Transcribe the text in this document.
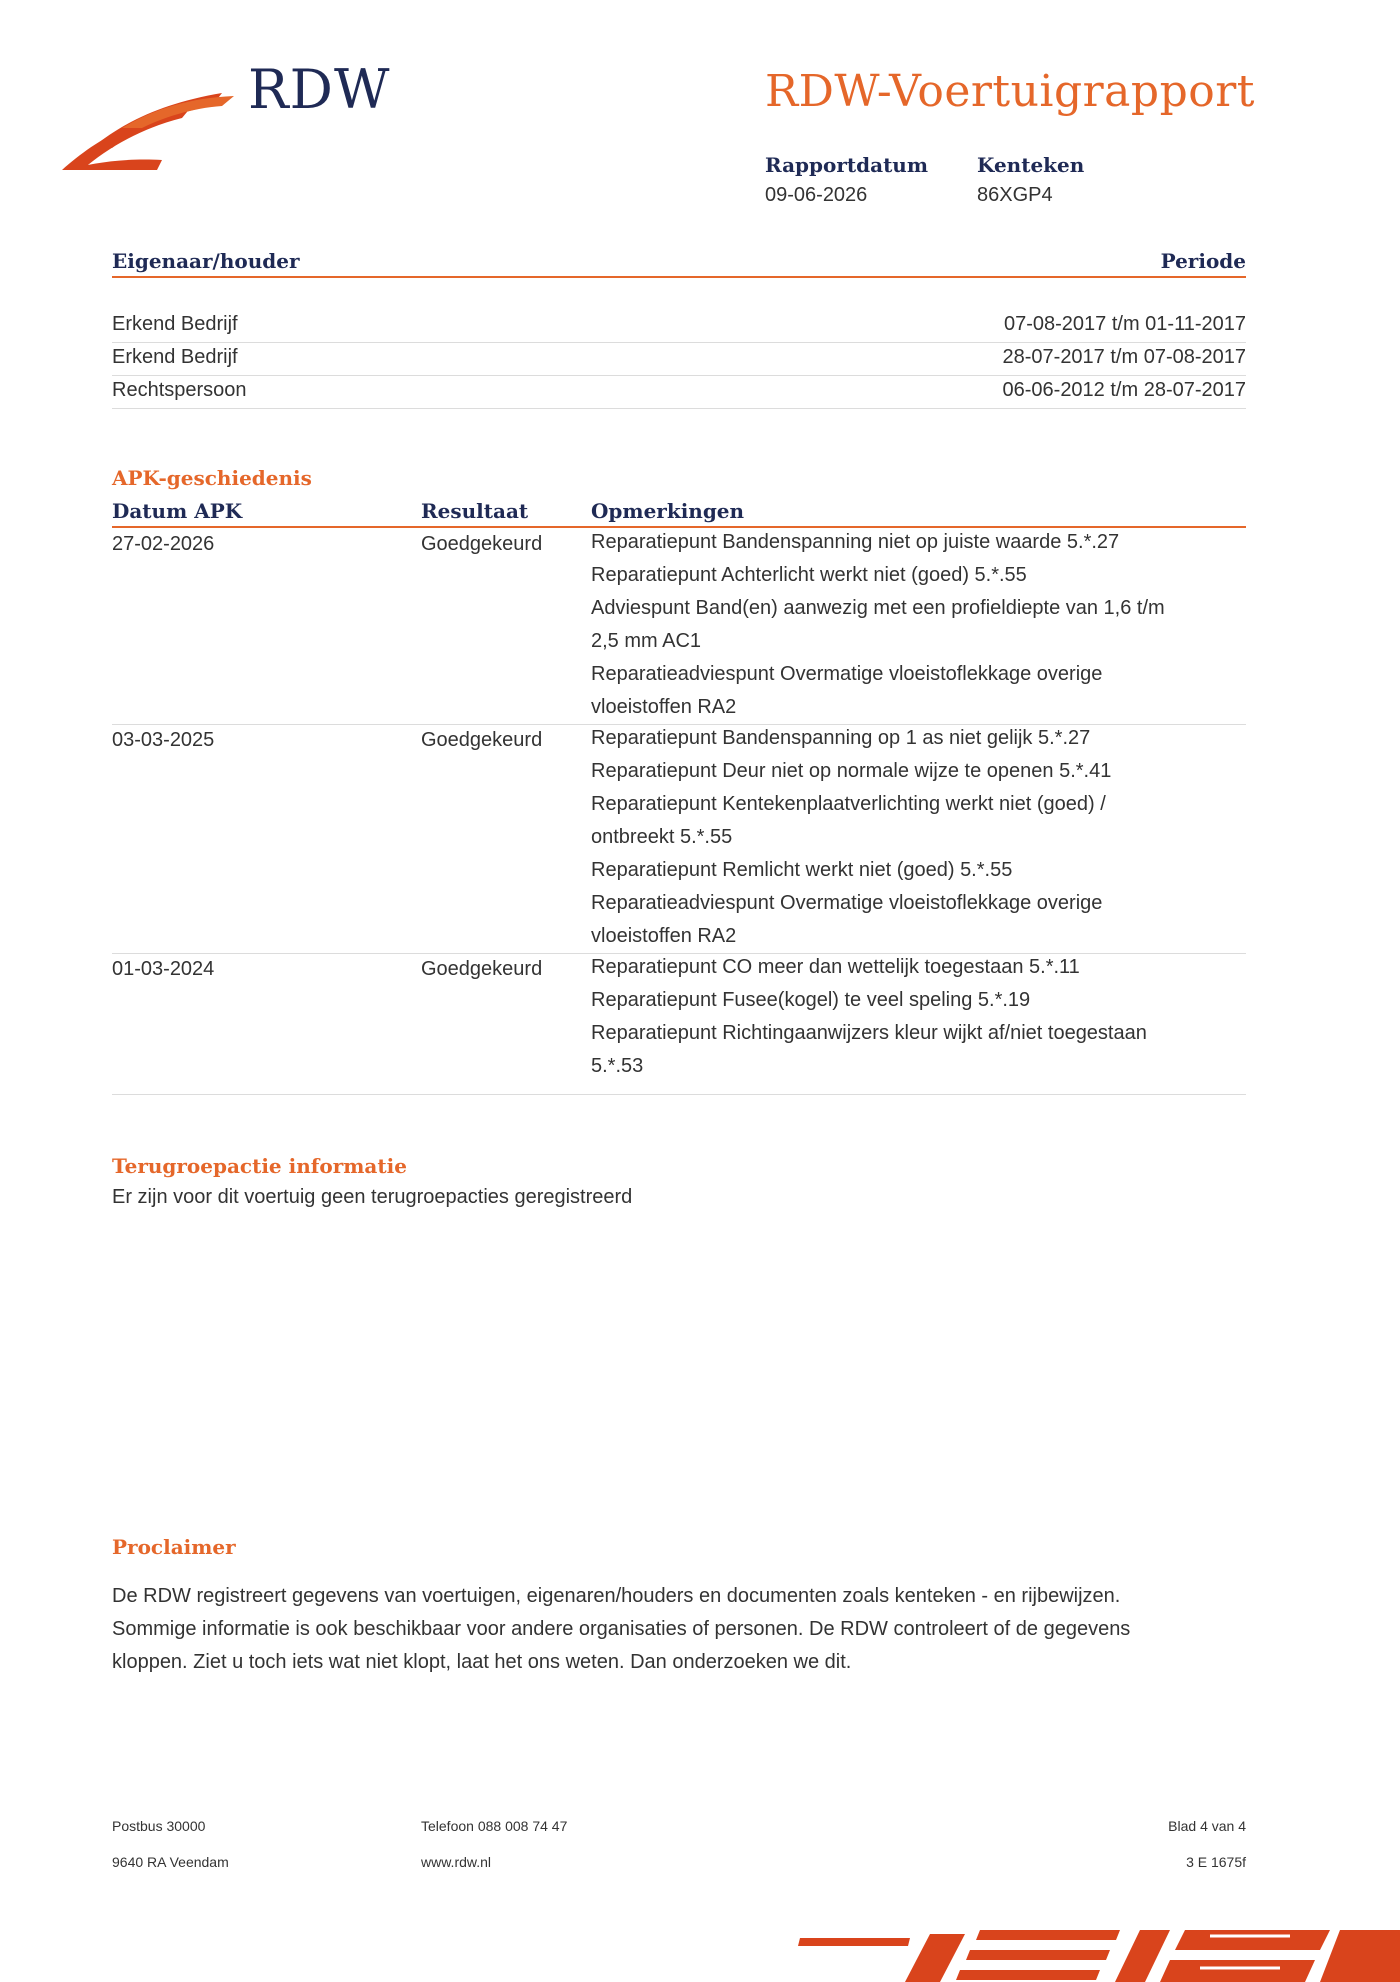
RDW	RDW-Voertuigrapport
Rapportdatum
09-06-2026
Kenteken
86XGP4
Eigenaar/houder	Periode
Erkend Bedrijf	07-08-2017 t/m 01-11-2017
Erkend Bedrijf	28-07-2017 t/m 07-08-2017
Rechtspersoon	06-06-2012 t/m 28-07-2017
APK-geschiedenis
Datum APK	Resultaat	Opmerkingen
27-02-2026	Goedgekeurd Reparatiepunt Bandenspanning niet op juiste waarde 5.*.27
Reparatiepunt Achterlicht werkt niet (goed) 5.*.55
Adviespunt Band(en) aanwezig met een profieldiepte van 1,6 t/m
2,5 mm AC1
Reparatieadviespunt Overmatige vloeistoflekkage overige
vloeistoffen RA2
03-03-2025	Goedgekeurd Reparatiepunt Bandenspanning op 1 as niet gelijk 5.*.27
Reparatiepunt Deur niet op normale wijze te openen 5.*.41
Reparatiepunt Kentekenplaatverlichting werkt niet (goed) /
ontbreekt 5.*.55
Reparatiepunt Remlicht werkt niet (goed) 5.*.55
Reparatieadviespunt Overmatige vloeistoflekkage overige
vloeistoffen RA2
01-03-2024	Goedgekeurd Reparatiepunt CO meer dan wettelijk toegestaan 5.*.11
Reparatiepunt Fusee(kogel) te veel speling 5.*.19
Reparatiepunt Richtingaanwijzers kleur wijkt af/niet toegestaan
5.*.53
Terugroepactie informatie
Er zijn voor dit voertuig geen terugroepacties geregistreerd
Proclaimer
De RDW registreert gegevens van voertuigen, eigenaren/houders en documenten zoals kenteken - en rijbewijzen.
Sommige informatie is ook beschikbaar voor andere organisaties of personen. De RDW controleert of de gegevens
kloppen. Ziet u toch iets wat niet klopt, laat het ons weten. Dan onderzoeken we dit.
Postbus 30000
9640 RA Veendam
Telefoon 088 008 74 47
www.rdw.nl
Blad 4 van 4
3 E 1675f
